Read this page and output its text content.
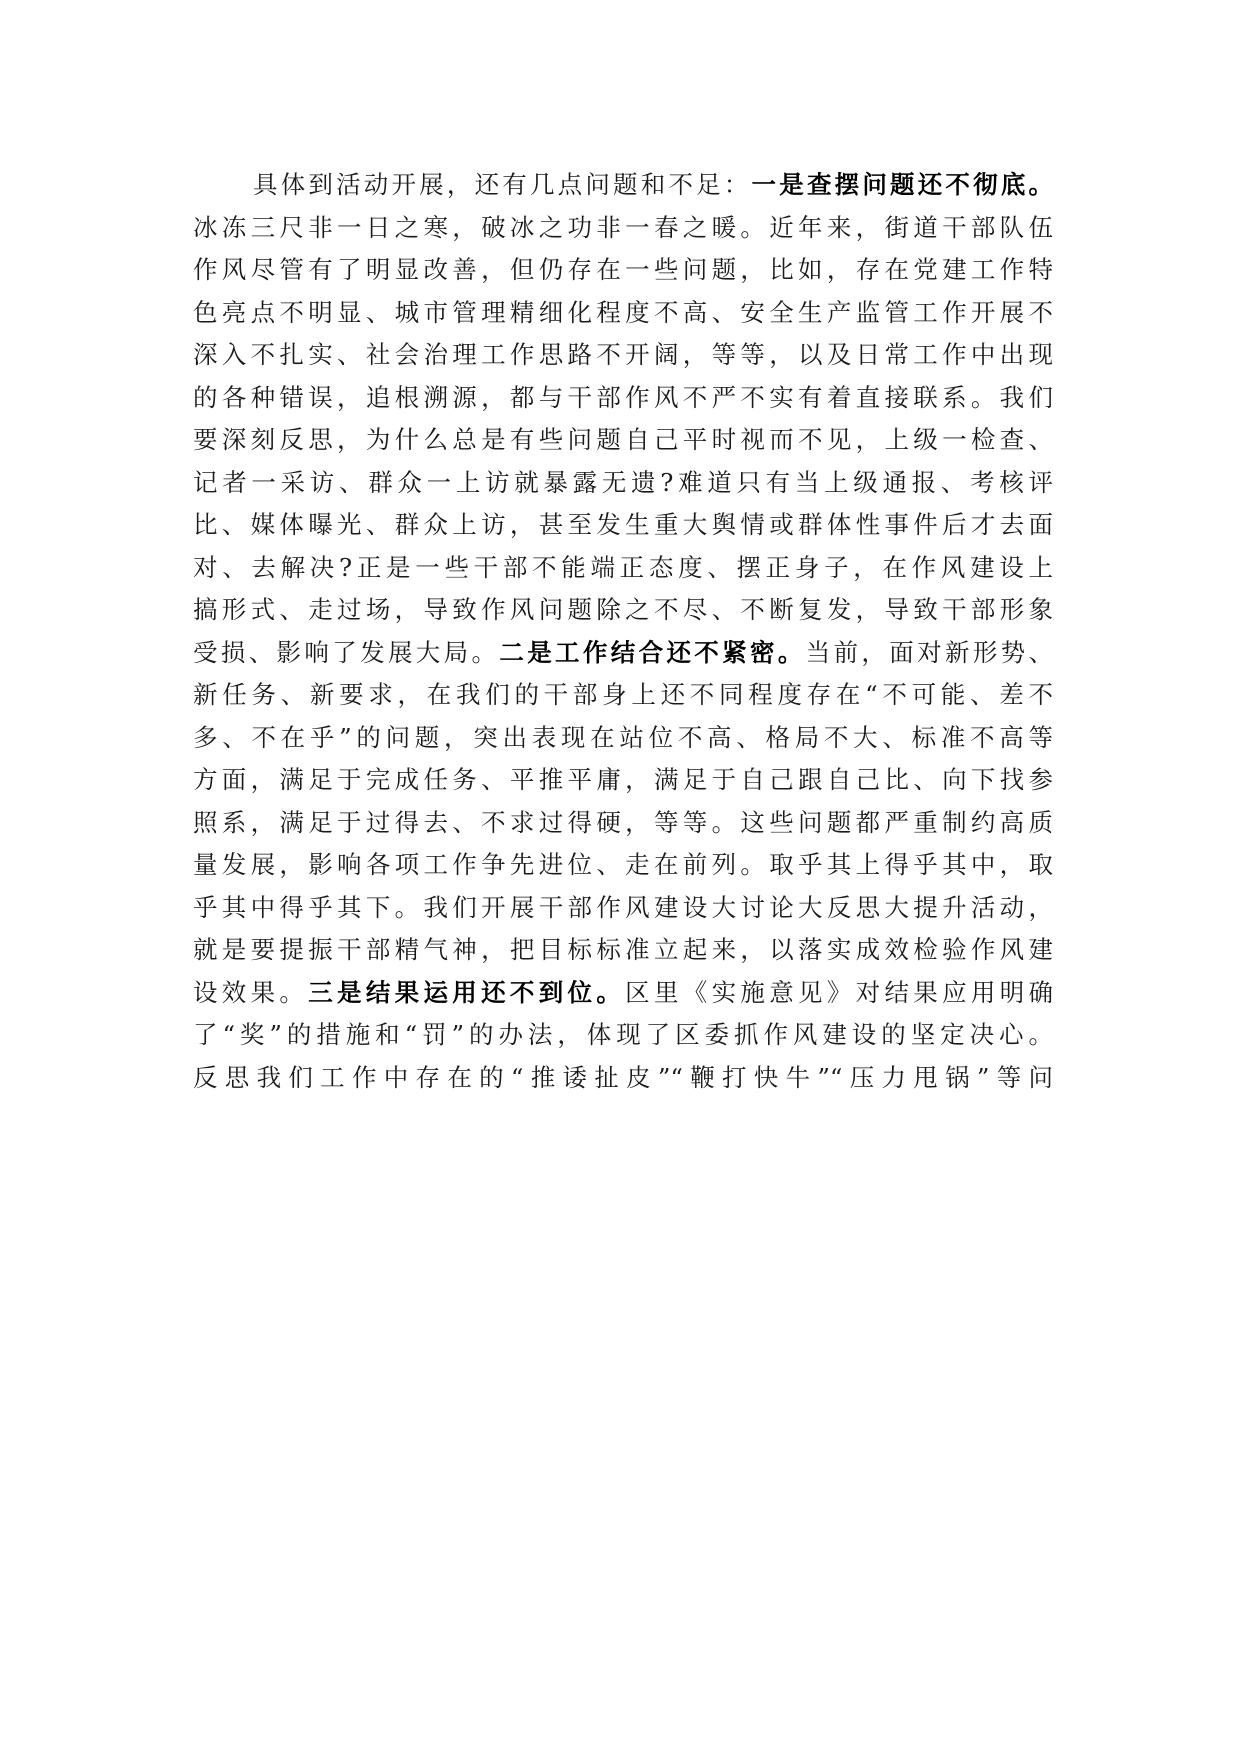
具体到活动开展，还有几点问题和不足：一是查摆问题还不彻底。

冰冻三尺非一日之寒，破冰之功非一春之暖。近年来，街道干部队伍

作风尽管有了明显改善，但仍存在一些问题，比如，存在党建工作特

色亮点不明显、城市管理精细化程度不高、安全生产监管工作开展不

深入不扎实、社会治理工作思路不开阔，等等，以及日常工作中出现

的各种错误，追根溯源，都与干部作风不严不实有着直接联系。我们

要深刻反思，为什么总是有些问题自己平时视而不见，上级一检查、

记者一采访、群众一上访就暴露无遗?难道只有当上级通报、考核评

比、媒体曝光、群众上访，甚至发生重大舆情或群体性事件后才去面

对、去解决?正是一些干部不能端正态度、摆正身子，在作风建设上

搞形式、走过场，导致作风问题除之不尽、不断复发，导致干部形象

受损、影响了发展大局。二是工作结合还不紧密。当前，面对新形势、

新任务、新要求，在我们的干部身上还不同程度存在“不可能、差不

多、不在乎”的问题，突出表现在站位不高、格局不大、标准不高等

方面，满足于完成任务、平推平庸，满足于自己跟自己比、向下找参

照系，满足于过得去、不求过得硬，等等。这些问题都严重制约高质

量发展，影响各项工作争先进位、走在前列。取乎其上得乎其中，取

乎其中得乎其下。我们开展干部作风建设大讨论大反思大提升活动，

就是要提振干部精气神，把目标标准立起来，以落实成效检验作风建

设效果。三是结果运用还不到位。区里《实施意见》对结果应用明确

了“奖”的措施和“罚”的办法，体现了区委抓作风建设的坚定决心。

反思我们工作中存在的“推诿扯皮”“鞭打快牛”“压力甩锅”等问
